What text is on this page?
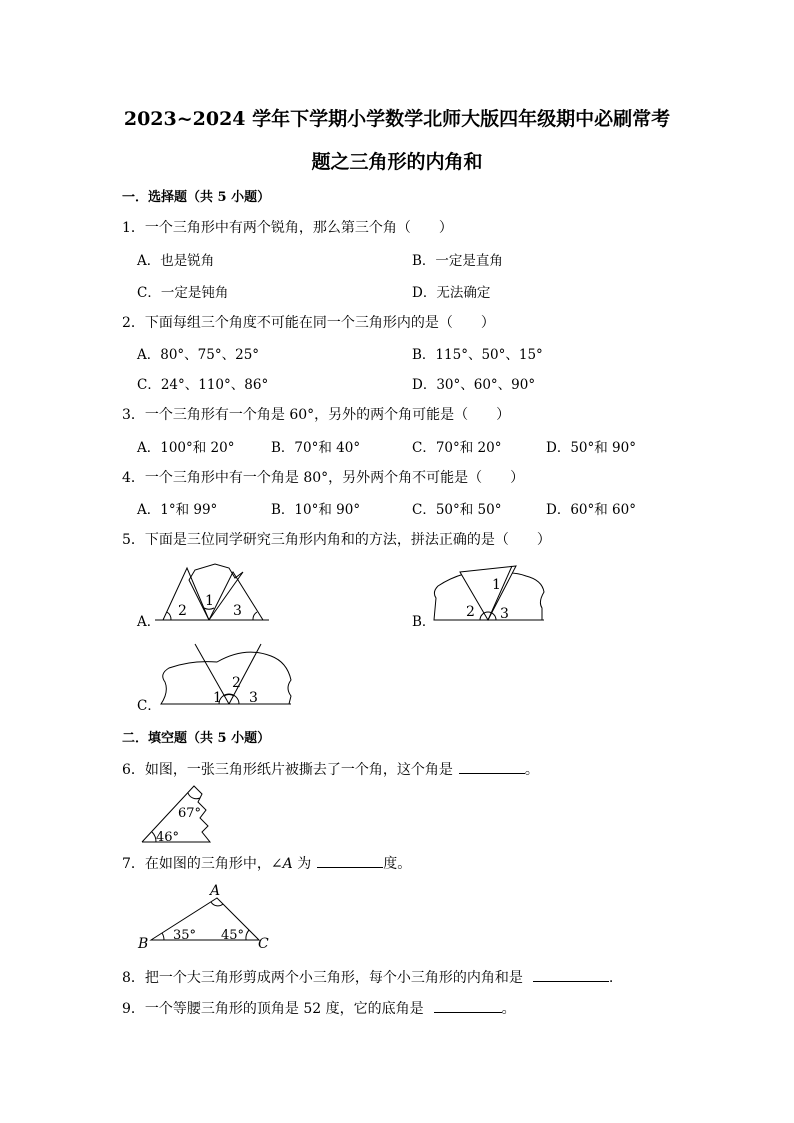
2023~2024 学年下学期小学数学北师大版四年级期中必刷常考
题之三角形的内角和
一．选择题（共 5 小题）
1．一个三角形中有两个锐角，那么第三个角（　　）
A．也是锐角	B．一定是直角
C．一定是钝角	D．无法确定
2．下面每组三个角度不可能在同一个三角形内的是（　　）
A．80°、75°、25°	B．115°、50°、15°
C．24°、110°、86°	D．30°、60°、90°
3．一个三角形有一个角是 60°，另外的两个角可能是（　　）
A．100°和 20°	B．70°和 40°	C．70°和 20°	D．50°和 90°
4．一个三角形中有一个角是 80°，另外两个角不可能是（　　）
A．1°和 99°	B．10°和 90°	C．50°和 50°	D．60°和 60°
5．下面是三位同学研究三角形内角和的方法，拼法正确的是（　　）
A．
2
1
3
B．
1
2 3
C．	1
2
3
二．填空题（共 5 小题）
6．如图，一张三角形纸片被撕去了一个角，这个角是	。
67°
46°
7．在如图的三角形中，∠A 为	度。
A
B	C
35° 45°
8．把一个大三角形剪成两个小三角形，每个小三角形的内角和是	.
9．一个等腰三角形的顶角是 52 度，它的底角是	。
